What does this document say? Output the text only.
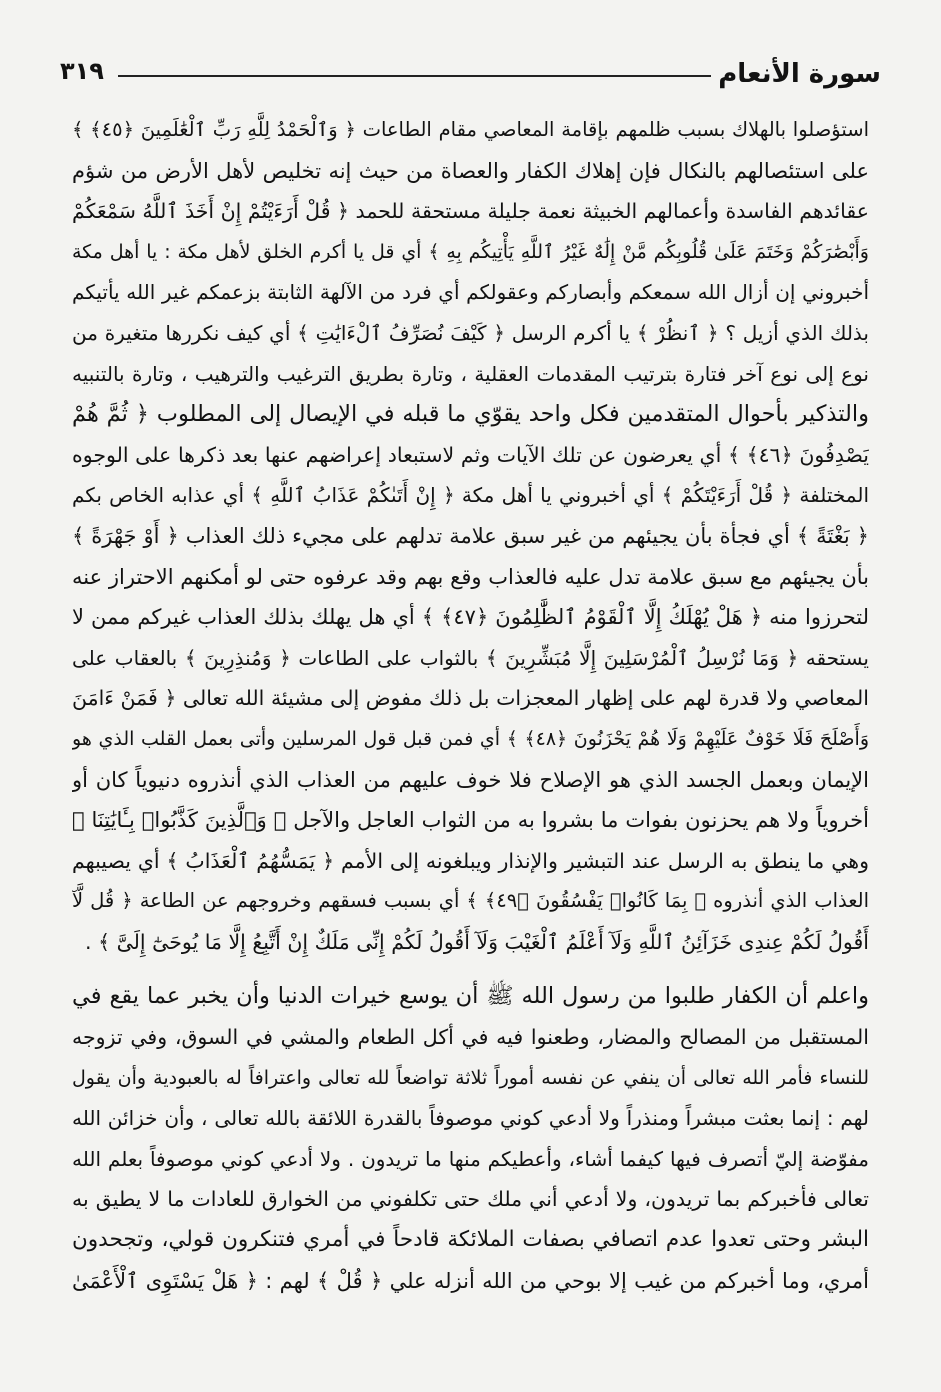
سورة الأنعام
٣١٩
استؤصلوا بالهلاك بسبب ظلمهم بإقامة المعاصي مقام الطاعات ﴿ وَٱلْحَمْدُ لِلَّهِ رَبِّ ٱلْعَٰلَمِينَ ﴿٤٥﴾ ﴾
على استئصالهم بالنكال فإن إهلاك الكفار والعصاة من حيث إنه تخليص لأهل الأرض من شؤم
عقائدهم الفاسدة وأعمالهم الخبيثة نعمة جليلة مستحقة للحمد ﴿ قُلْ أَرَءَيْتُمْ إِنْ أَخَذَ ٱللَّهُ سَمْعَكُمْ
وَأَبْصَٰرَكُمْ وَخَتَمَ عَلَىٰ قُلُوبِكُم مَّنْ إِلَٰهٌ غَيْرُ ٱللَّهِ يَأْتِيكُم بِهِ ﴾ أي قل يا أكرم الخلق لأهل مكة : يا أهل مكة
أخبروني إن أزال الله سمعكم وأبصاركم وعقولكم أي فرد من الآلهة الثابتة بزعمكم غير الله يأتيكم
بذلك الذي أزيل ؟ ﴿ ٱنظُرْ ﴾ يا أكرم الرسل ﴿ كَيْفَ نُصَرِّفُ ٱلْءَايَٰتِ ﴾ أي كيف نكررها متغيرة من
نوع إلى نوع آخر فتارة بترتيب المقدمات العقلية ، وتارة بطريق الترغيب والترهيب ، وتارة بالتنبيه
والتذكير بأحوال المتقدمين فكل واحد يقوّي ما قبله في الإيصال إلى المطلوب ﴿ ثُمَّ هُمْ
يَصْدِفُونَ ﴿٤٦﴾ ﴾ أي يعرضون عن تلك الآيات وثم لاستبعاد إعراضهم عنها بعد ذكرها على الوجوه
المختلفة ﴿ قُلْ أَرَءَيْتَكُمْ ﴾ أي أخبروني يا أهل مكة ﴿ إِنْ أَتَىٰكُمْ عَذَابُ ٱللَّهِ ﴾ أي عذابه الخاص بكم
﴿ بَغْتَةً ﴾ أي فجأة بأن يجيئهم من غير سبق علامة تدلهم على مجيء ذلك العذاب ﴿ أَوْ جَهْرَةً ﴾
بأن يجيئهم مع سبق علامة تدل عليه فالعذاب وقع بهم وقد عرفوه حتى لو أمكنهم الاحتراز عنه
لتحرزوا منه ﴿ هَلْ يُهْلَكُ إِلَّا ٱلْقَوْمُ ٱلظَّٰلِمُونَ ﴿٤٧﴾ ﴾ أي هل يهلك بذلك العذاب غيركم ممن لا
يستحقه ﴿ وَمَا نُرْسِلُ ٱلْمُرْسَلِينَ إِلَّا مُبَشِّرِينَ ﴾ بالثواب على الطاعات ﴿ وَمُنذِرِينَ ﴾ بالعقاب على
المعاصي ولا قدرة لهم على إظهار المعجزات بل ذلك مفوض إلى مشيئة الله تعالى ﴿ فَمَنْ ءَامَنَ
وَأَصْلَحَ فَلَا خَوْفٌ عَلَيْهِمْ وَلَا هُمْ يَحْزَنُونَ ﴿٤٨﴾ ﴾ أي فمن قبل قول المرسلين وأتى بعمل القلب الذي هو
الإيمان وبعمل الجسد الذي هو الإصلاح فلا خوف عليهم من العذاب الذي أنذروه دنيوياً كان أو
أخروياً ولا هم يحزنون بفوات ما بشروا به من الثواب العاجل والآجل ﴿ وَٱلَّذِينَ كَذَّبُوا۟ بِـَٔايَٰتِنَا ﴾
وهي ما ينطق به الرسل عند التبشير والإنذار ويبلغونه إلى الأمم ﴿ يَمَسُّهُمُ ٱلْعَذَابُ ﴾ أي يصيبهم
العذاب الذي أنذروه ﴿ بِمَا كَانُوا۟ يَفْسُقُونَ ﴿٤٩﴾ ﴾ أي بسبب فسقهم وخروجهم عن الطاعة ﴿ قُل لَّآ
أَقُولُ لَكُمْ عِندِى خَزَآئِنُ ٱللَّهِ وَلَآ أَعْلَمُ ٱلْغَيْبَ وَلَآ أَقُولُ لَكُمْ إِنِّى مَلَكٌ إِنْ أَتَّبِعُ إِلَّا مَا يُوحَىٰٓ إِلَىَّ ﴾ .
واعلم أن الكفار طلبوا من رسول الله ﷺ أن يوسع خيرات الدنيا وأن يخبر عما يقع في
المستقبل من المصالح والمضار، وطعنوا فيه في أكل الطعام والمشي في السوق، وفي تزوجه
للنساء فأمر الله تعالى أن ينفي عن نفسه أموراً ثلاثة تواضعاً لله تعالى واعترافاً له بالعبودية وأن يقول
لهم : إنما بعثت مبشراً ومنذراً ولا أدعي كوني موصوفاً بالقدرة اللائقة بالله تعالى ، وأن خزائن الله
مفوّضة إليّ أتصرف فيها كيفما أشاء، وأعطيكم منها ما تريدون . ولا أدعي كوني موصوفاً بعلم الله
تعالى فأخبركم بما تريدون، ولا أدعي أني ملك حتى تكلفوني من الخوارق للعادات ما لا يطيق به
البشر وحتى تعدوا عدم اتصافي بصفات الملائكة قادحاً في أمري فتنكرون قولي، وتجحدون
أمري، وما أخبركم من غيب إلا بوحي من الله أنزله علي ﴿ قُلْ ﴾ لهم : ﴿ هَلْ يَسْتَوِى ٱلْأَعْمَىٰ
